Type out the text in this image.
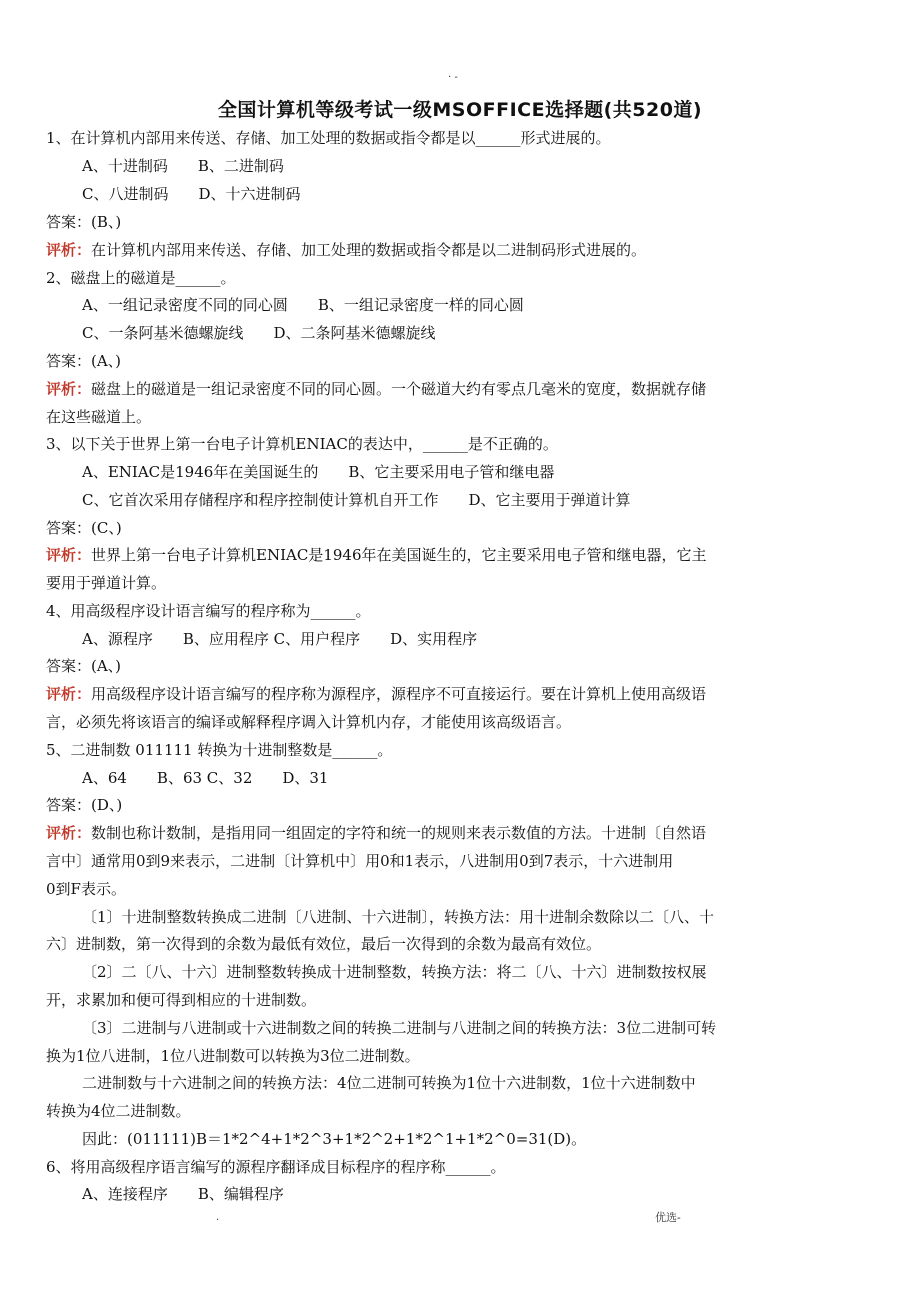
· -
全国计算机等级考试一级MSOFFICE选择题(共520道)
1、在计算机内部用来传送、存储、加工处理的数据或指令都是以______形式进展的。
A、十进制码　　B、二进制码
C、八进制码　　D、十六进制码
答案：(B、)
评析：在计算机内部用来传送、存储、加工处理的数据或指令都是以二进制码形式进展的。
2、磁盘上的磁道是______。
A、一组记录密度不同的同心圆　　B、一组记录密度一样的同心圆
C、一条阿基米德螺旋线　　D、二条阿基米德螺旋线
答案：(A、)
评析：磁盘上的磁道是一组记录密度不同的同心圆。一个磁道大约有零点几毫米的宽度，数据就存储
在这些磁道上。
3、以下关于世界上第一台电子计算机ENIAC的表达中，______是不正确的。
A、ENIAC是1946年在美国诞生的　　B、它主要采用电子管和继电器
C、它首次采用存储程序和程序控制使计算机自开工作　　D、它主要用于弹道计算
答案：(C、)
评析：世界上第一台电子计算机ENIAC是1946年在美国诞生的，它主要采用电子管和继电器，它主
要用于弹道计算。
4、用高级程序设计语言编写的程序称为______。
A、源程序　　B、应用程序 C、用户程序　　D、实用程序
答案：(A、)
评析：用高级程序设计语言编写的程序称为源程序，源程序不可直接运行。要在计算机上使用高级语
言，必须先将该语言的编译或解释程序调入计算机内存，才能使用该高级语言。
5、二进制数 011111 转换为十进制整数是______。
A、64　　B、63 C、32　　D、31
答案：(D、)
评析：数制也称计数制，是指用同一组固定的字符和统一的规则来表示数值的方法。十进制〔自然语
言中〕通常用0到9来表示，二进制〔计算机中〕用0和1表示，八进制用0到7表示，十六进制用
0到F表示。
〔1〕十进制整数转换成二进制〔八进制、十六进制〕，转换方法：用十进制余数除以二〔八、十
六〕进制数，第一次得到的余数为最低有效位，最后一次得到的余数为最高有效位。
〔2〕二〔八、十六〕进制整数转换成十进制整数，转换方法：将二〔八、十六〕进制数按权展
开，求累加和便可得到相应的十进制数。
〔3〕二进制与八进制或十六进制数之间的转换二进制与八进制之间的转换方法：3位二进制可转
换为1位八进制，1位八进制数可以转换为3位二进制数。
二进制数与十六进制之间的转换方法：4位二进制可转换为1位十六进制数，1位十六进制数中
转换为4位二进制数。
因此：(011111)B＝1*2^4+1*2^3+1*2^2+1*2^1+1*2^0=31(D)。
6、将用高级程序语言编写的源程序翻译成目标程序的程序称______。
A、连接程序　　B、编辑程序
.	优选-
